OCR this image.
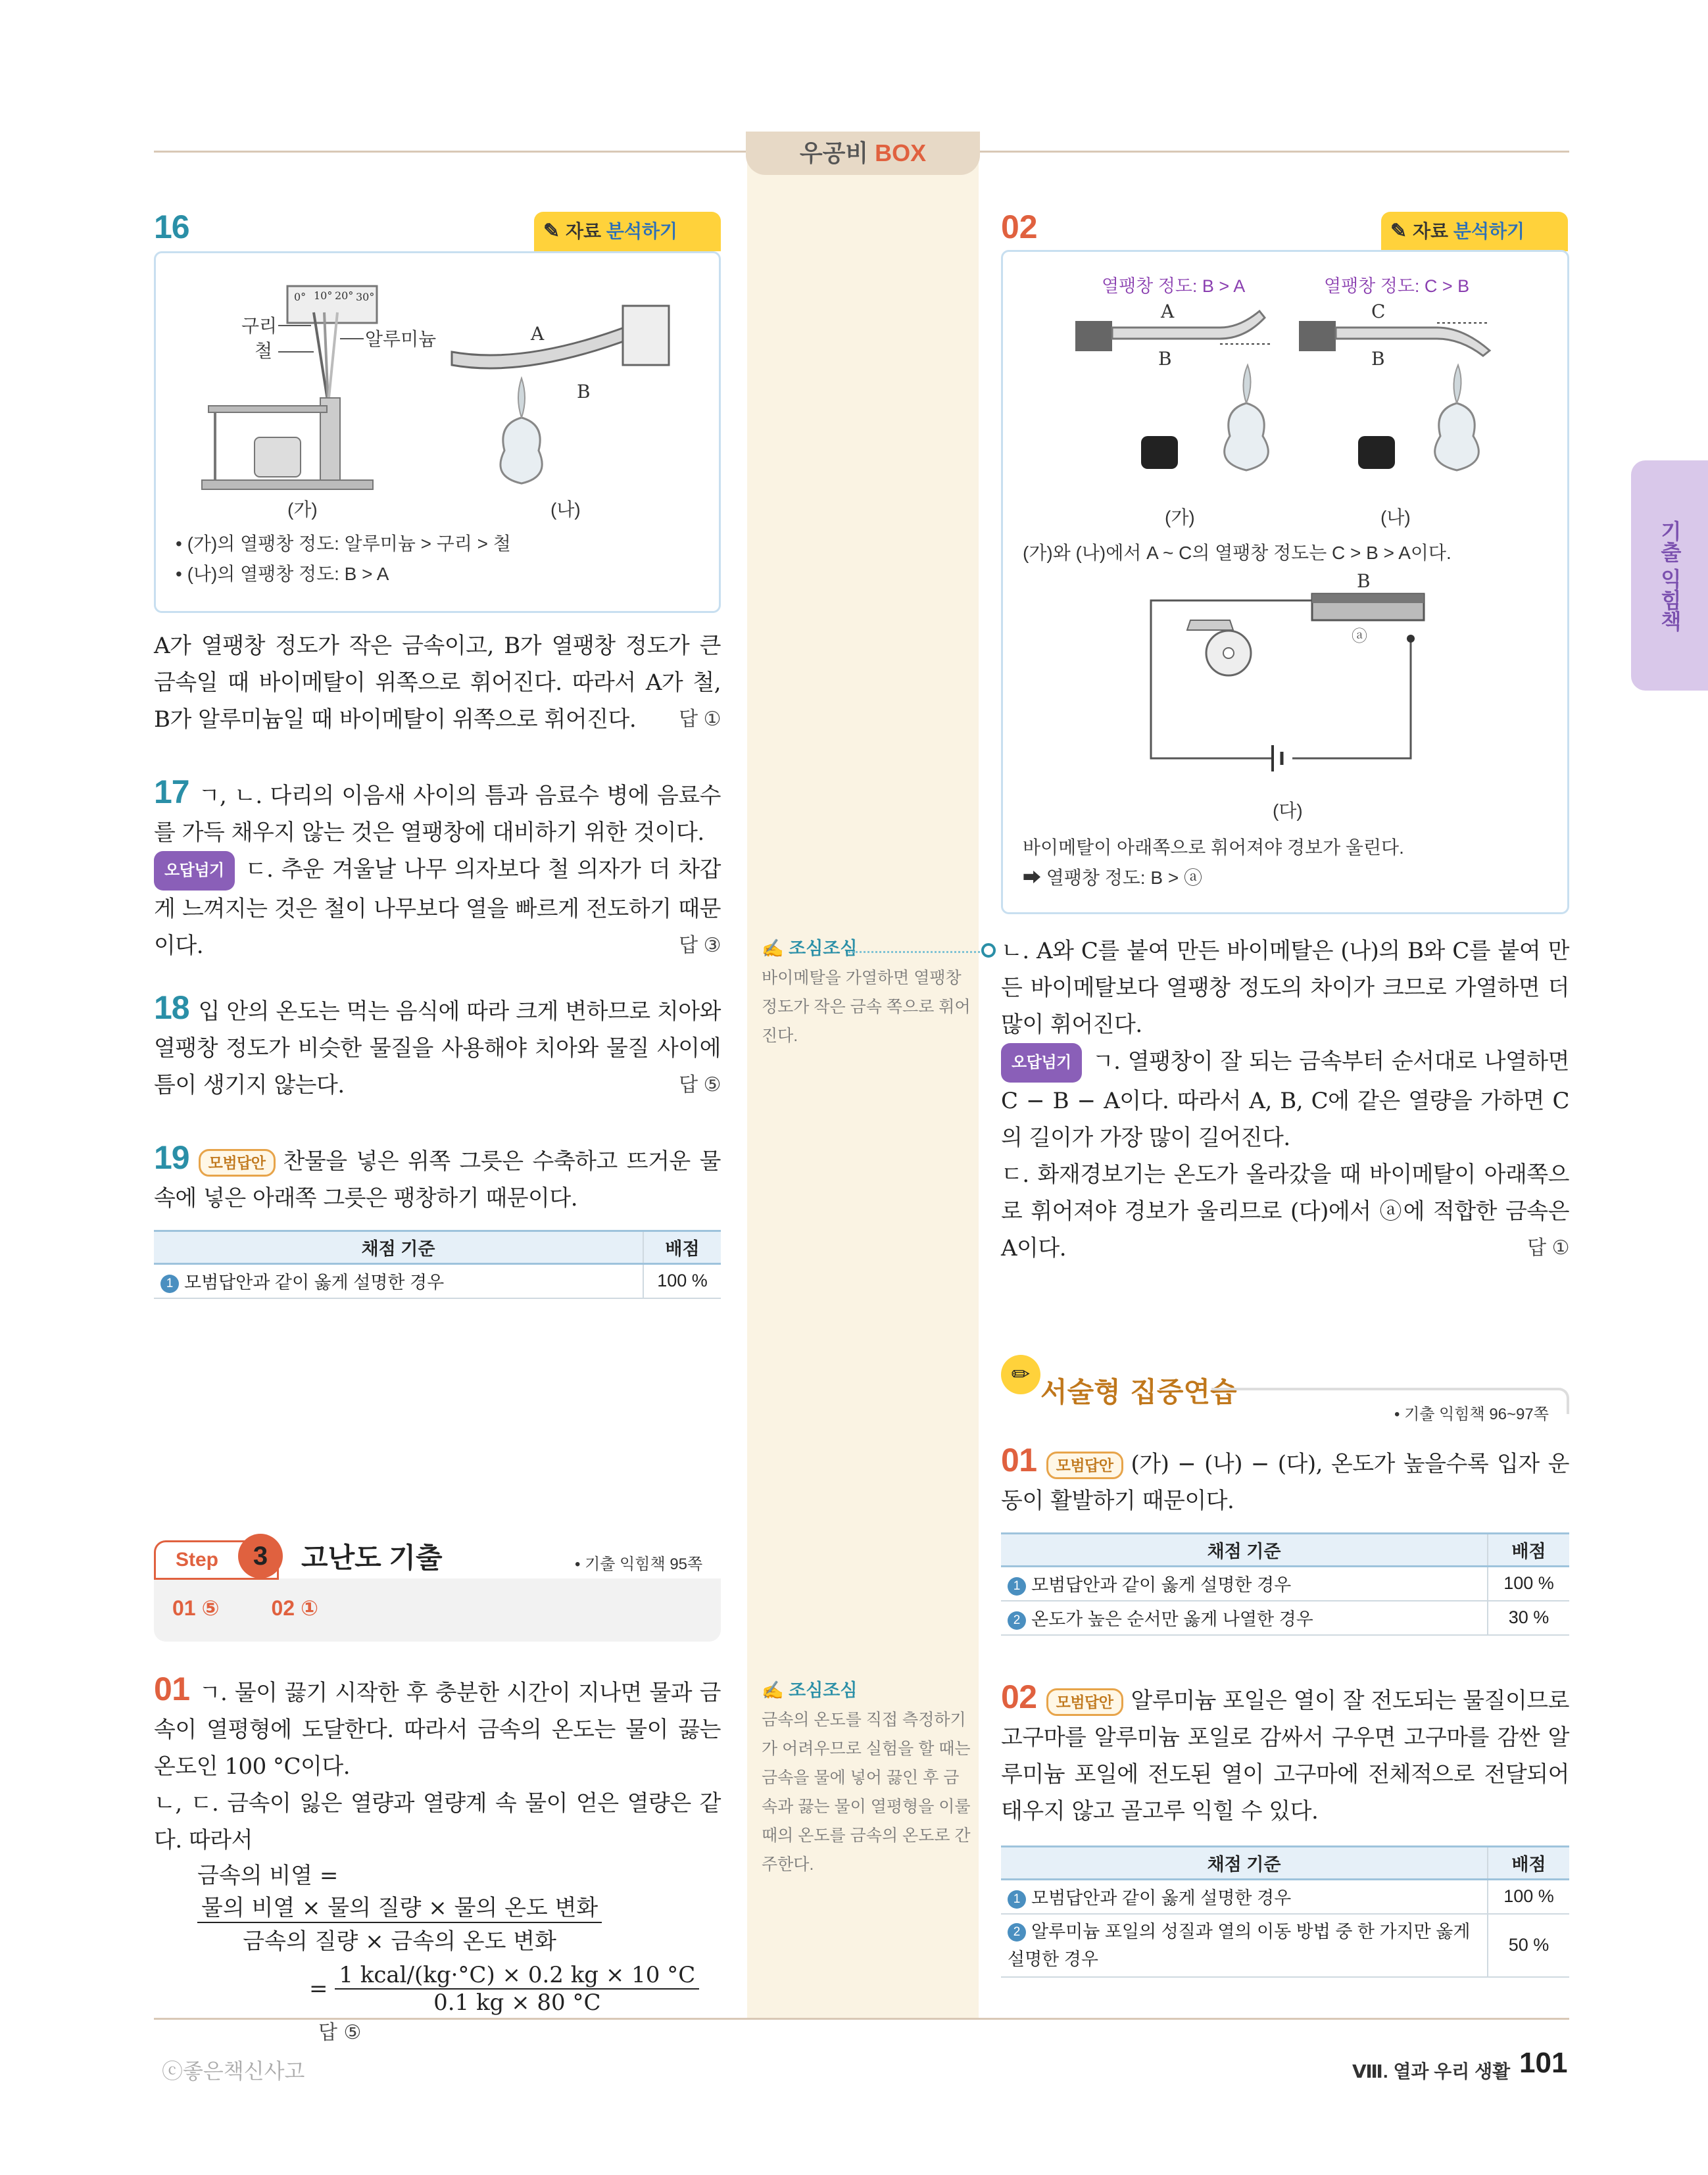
우공비 BOX
기출 익힘책
16	✎ 자료 분석하기
0° 10° 20° 30°
구리
철
알루미늄	A
B
(가)	(나)
• (가)의 열팽창 정도: 알루미늄 > 구리 > 철
• (나)의 열팽창 정도: B > A
A가 열팽창 정도가 작은 금속이고, B가 열팽창 정도가 큰 금속일 때 바이메탈이 위쪽으로 휘어진다. 따라서 A가 철, B가 알루미늄일 때 바이메탈이 위쪽으로 휘어진다. 답 ①
17 ㄱ, ㄴ. 다리의 이음새 사이의 틈과 음료수 병에 음료수를 가득 채우지 않는 것은 열팽창에 대비하기 위한 것이다.
오답넘기 ㄷ. 추운 겨울날 나무 의자보다 철 의자가 더 차갑게 느껴지는 것은 철이 나무보다 열을 빠르게 전도하기 때문이다.	답 ③
18 입 안의 온도는 먹는 음식에 따라 크게 변하므로 치아와 열팽창 정도가 비슷한 물질을 사용해야 치아와 물질 사이에 틈이 생기지 않는다.	답 ⑤
19 모범답안 찬물을 넣은 위쪽 그릇은 수축하고 뜨거운 물 속에 넣은 아래쪽 그릇은 팽창하기 때문이다.
채점 기준	배점
1 모범답안과 같이 옳게 설명한 경우	100 %
Step	3	고난도 기출	• 기출 익힘책 95쪽
01 ⑤ 02 ①
01 ㄱ. 물이 끓기 시작한 후 충분한 시간이 지나면 물과 금속이 열평형에 도달한다. 따라서 금속의 온도는 물이 끓는 온도인 100 °C이다.
ㄴ, ㄷ. 금속이 잃은 열량과 열량계 속 물이 얻은 열량은 같다. 따라서
금속의 비열 =
$\frac{\text{물의 비열 × 물의 질량 × 물의 온도 변화}}{\text{금속의 질량 × 금속의 온도 변화}}$
= $\frac{\text{1 kcal/(kg·°C) × 0.2 kg × 10 °C}}{0.1 kg \times 80 ^\circ C}$
답 ⑤
✍ 조심조심
바이메탈을 가열하면 열팽창 정도가 작은 금속 쪽으로 휘어진다.
✍ 조심조심
금속의 온도를 직접 측정하기가 어려우므로 실험을 할 때는 금속을 물에 넣어 끓인 후 금속과 끓는 물이 열평형을 이룰 때의 온도를 금속의 온도로 간주한다.
02	✎ 자료 분석하기
열팽창 정도: B > A	열팽창 정도: C > B
A
B
C
B
(가)	(나)
(가)와 (나)에서 A ~ C의 열팽창 정도는 C > B > A이다.
B
ⓐ
(다)
바이메탈이 아래쪽으로 휘어져야 경보가 울린다.
➡ 열팽창 정도: B > ⓐ
ㄴ. A와 C를 붙여 만든 바이메탈은 (나)의 B와 C를 붙여 만든 바이메탈보다 열팽창 정도의 차이가 크므로 가열하면 더 많이 휘어진다.
오답넘기 ㄱ. 열팽창이 잘 되는 금속부터 순서대로 나열하면 C − B − A이다. 따라서 A, B, C에 같은 열량을 가하면 C의 길이가 가장 많이 길어진다.
ㄷ. 화재경보기는 온도가 올라갔을 때 바이메탈이 아래쪽으로 휘어져야 경보가 울리므로 (다)에서 ⓐ에 적합한 금속은 A이다.	답 ①
✏
서술형 집중연습
• 기출 익힘책 96~97쪽
01 모범답안 (가) − (나) − (다), 온도가 높을수록 입자 운동이 활발하기 때문이다.
채점 기준	배점
1 모범답안과 같이 옳게 설명한 경우	100 %
2 온도가 높은 순서만 옳게 나열한 경우	30 %
02 모범답안 알루미늄 포일은 열이 잘 전도되는 물질이므로 고구마를 알루미늄 포일로 감싸서 구우면 고구마를 감싼 알루미늄 포일에 전도된 열이 고구마에 전체적으로 전달되어 태우지 않고 골고루 익힐 수 있다.
채점 기준	배점
1 모범답안과 같이 옳게 설명한 경우	100 %
2 알루미늄 포일의 성질과 열의 이동 방법 중 한 가지만 옳게 설명한 경우	50 %
ⓒ좋은책신사고	Ⅷ. 열과 우리 생활 101
